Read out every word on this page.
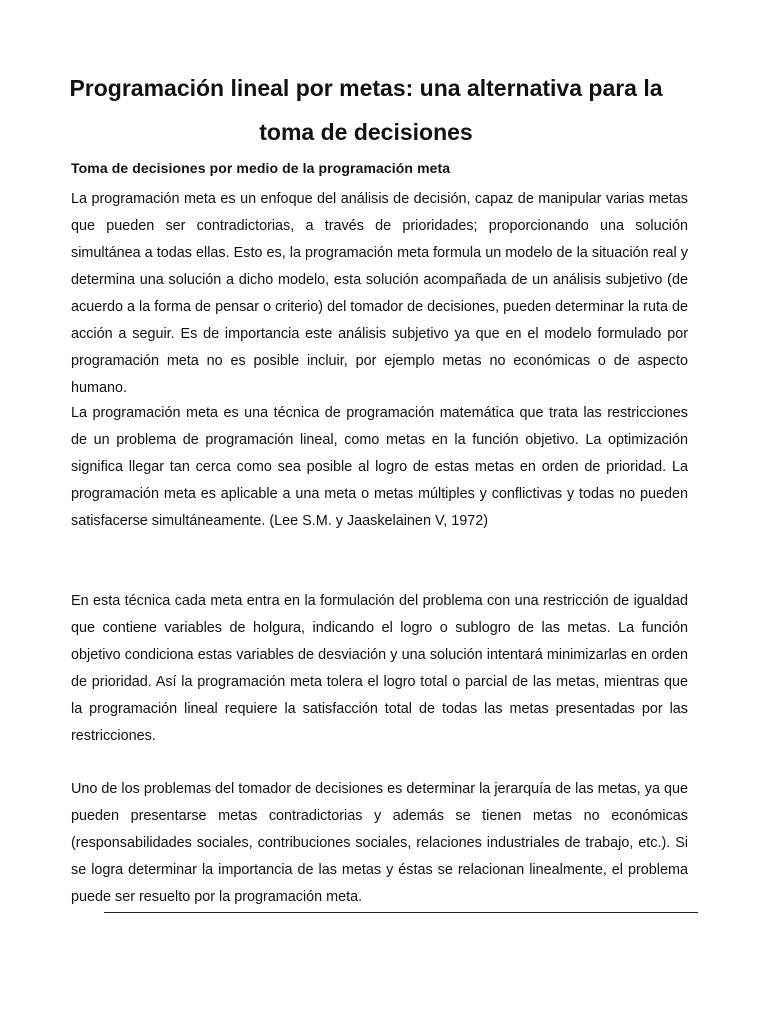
Programación lineal por metas: una alternativa para la toma de decisiones
Toma de decisiones por medio de la programación meta

La programación meta es un enfoque del análisis de decisión, capaz de manipular varias metas que pueden ser contradictorias, a través de prioridades; proporcionando una solución simultánea a todas ellas. Esto es, la programación meta formula un modelo de la situación real y determina una solución a dicho modelo, esta solución acompañada de un análisis subjetivo (de acuerdo a la forma de pensar o criterio) del tomador de decisiones, pueden determinar la ruta de acción a seguir. Es de importancia este análisis subjetivo ya que en el modelo formulado por programación meta no es posible incluir, por ejemplo metas no económicas o de aspecto humano.

La programación meta es una técnica de programación matemática que trata las restricciones de un problema de programación lineal, como metas en la función objetivo. La optimización significa llegar tan cerca como sea posible al logro de estas metas en orden de prioridad. La programación meta es aplicable a una meta o metas múltiples y conflictivas y todas no pueden satisfacerse simultáneamente. (Lee S.M. y Jaaskelainen V, 1972)

En esta técnica cada meta entra en la formulación del problema con una restricción de igualdad que contiene variables de holgura, indicando el logro o sublogro de las metas. La función objetivo condiciona estas variables de desviación y una solución intentará minimizarlas en orden de prioridad. Así la programación meta tolera el logro total o parcial de las metas, mientras que la programación lineal requiere la satisfacción total de todas las metas presentadas por las restricciones.

Uno de los problemas del tomador de decisiones es determinar la jerarquía de las metas, ya que pueden presentarse metas contradictorias y además se tienen metas no económicas (responsabilidades sociales, contribuciones sociales, relaciones industriales de trabajo, etc.). Si se logra determinar la importancia de las metas y éstas se relacionan linealmente, el problema puede ser resuelto por la programación meta.
